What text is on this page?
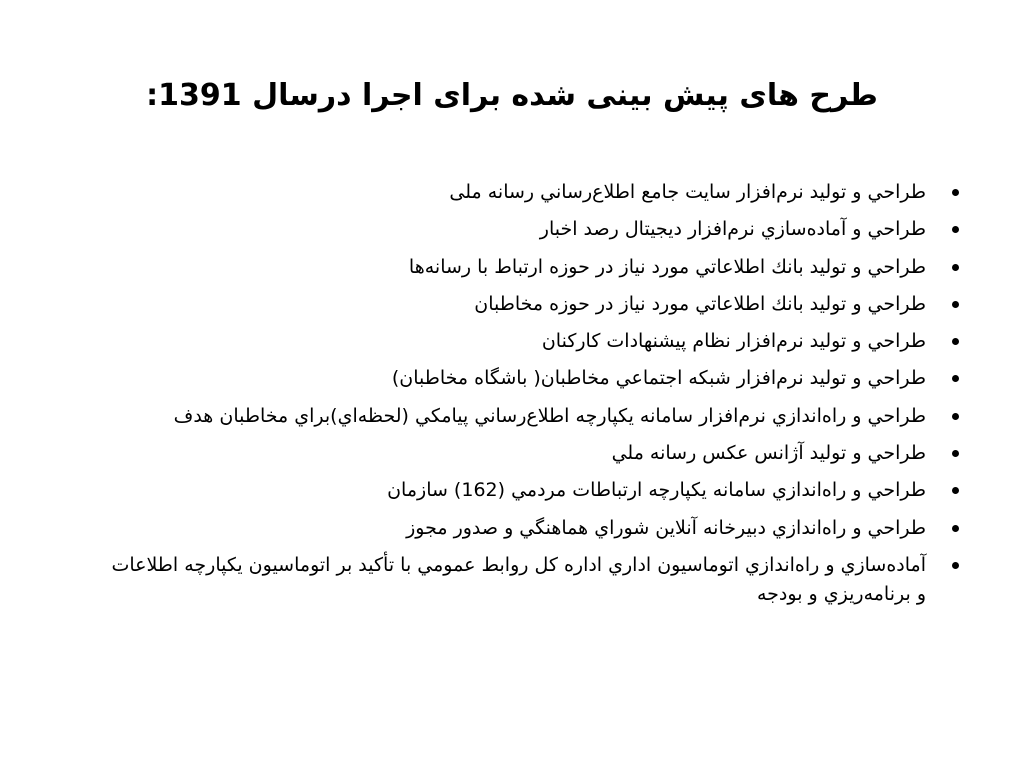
طرح های پیش بینی شده برای اجرا درسال 1391:
طراحي و توليد نرم‌افزار سايت جامع اطلاع‌رساني رسانه ملی
طراحي و آماده‌سازي نرم‌افزار ديجيتال رصد اخبار
طراحي و توليد بانك اطلاعاتي مورد نياز در حوزه ارتباط با رسانه‌ها
طراحي و توليد بانك اطلاعاتي مورد نياز در حوزه مخاطبان
طراحي و توليد نرم‌افزار نظام پيشنهادات كاركنان
طراحي و توليد نرم‌افزار شبكه اجتماعي مخاطبان( باشگاه مخاطبان)
طراحي و راه‌اندازي نرم‌افزار سامانه يكپارچه اطلاع‌رساني پيامكي (لحظه‌اي)براي مخاطبان هدف
طراحي و توليد آژانس عكس رسانه ملي
طراحي و راه‌اندازي سامانه يكپارچه ارتباطات مردمي (162) سازمان
طراحي و راه‌اندازي دبيرخانه آنلاين شوراي هماهنگي و صدور مجوز
آماده‌سازي و راه‌اندازي اتوماسيون اداري اداره كل روابط عمومي با تأكيد بر اتوماسيون يكپارچه اطلاعات و برنامه‌ريزي و بودجه
